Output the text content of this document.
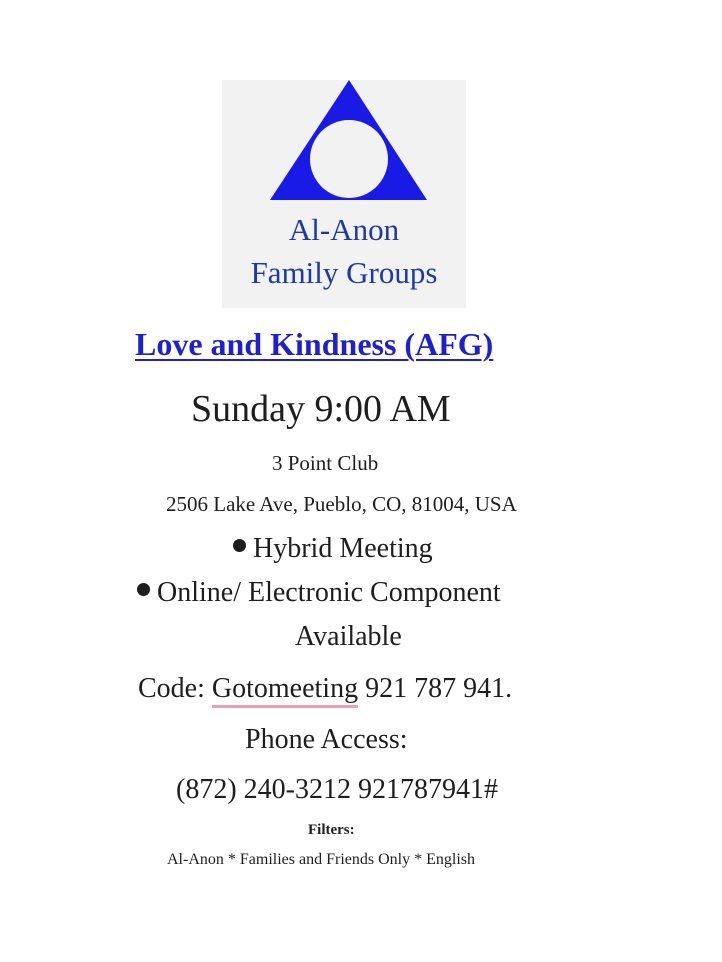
Al-Anon
Family Groups
Love and Kindness (AFG)
Sunday 9:00 AM
3 Point Club
2506 Lake Ave, Pueblo, CO, 81004, USA
Hybrid Meeting
Online/ Electronic Component
Available
Code: Gotomeeting 921 787 941.
Phone Access:
(872) 240-3212 921787941#
Filters:
Al-Anon * Families and Friends Only * English
